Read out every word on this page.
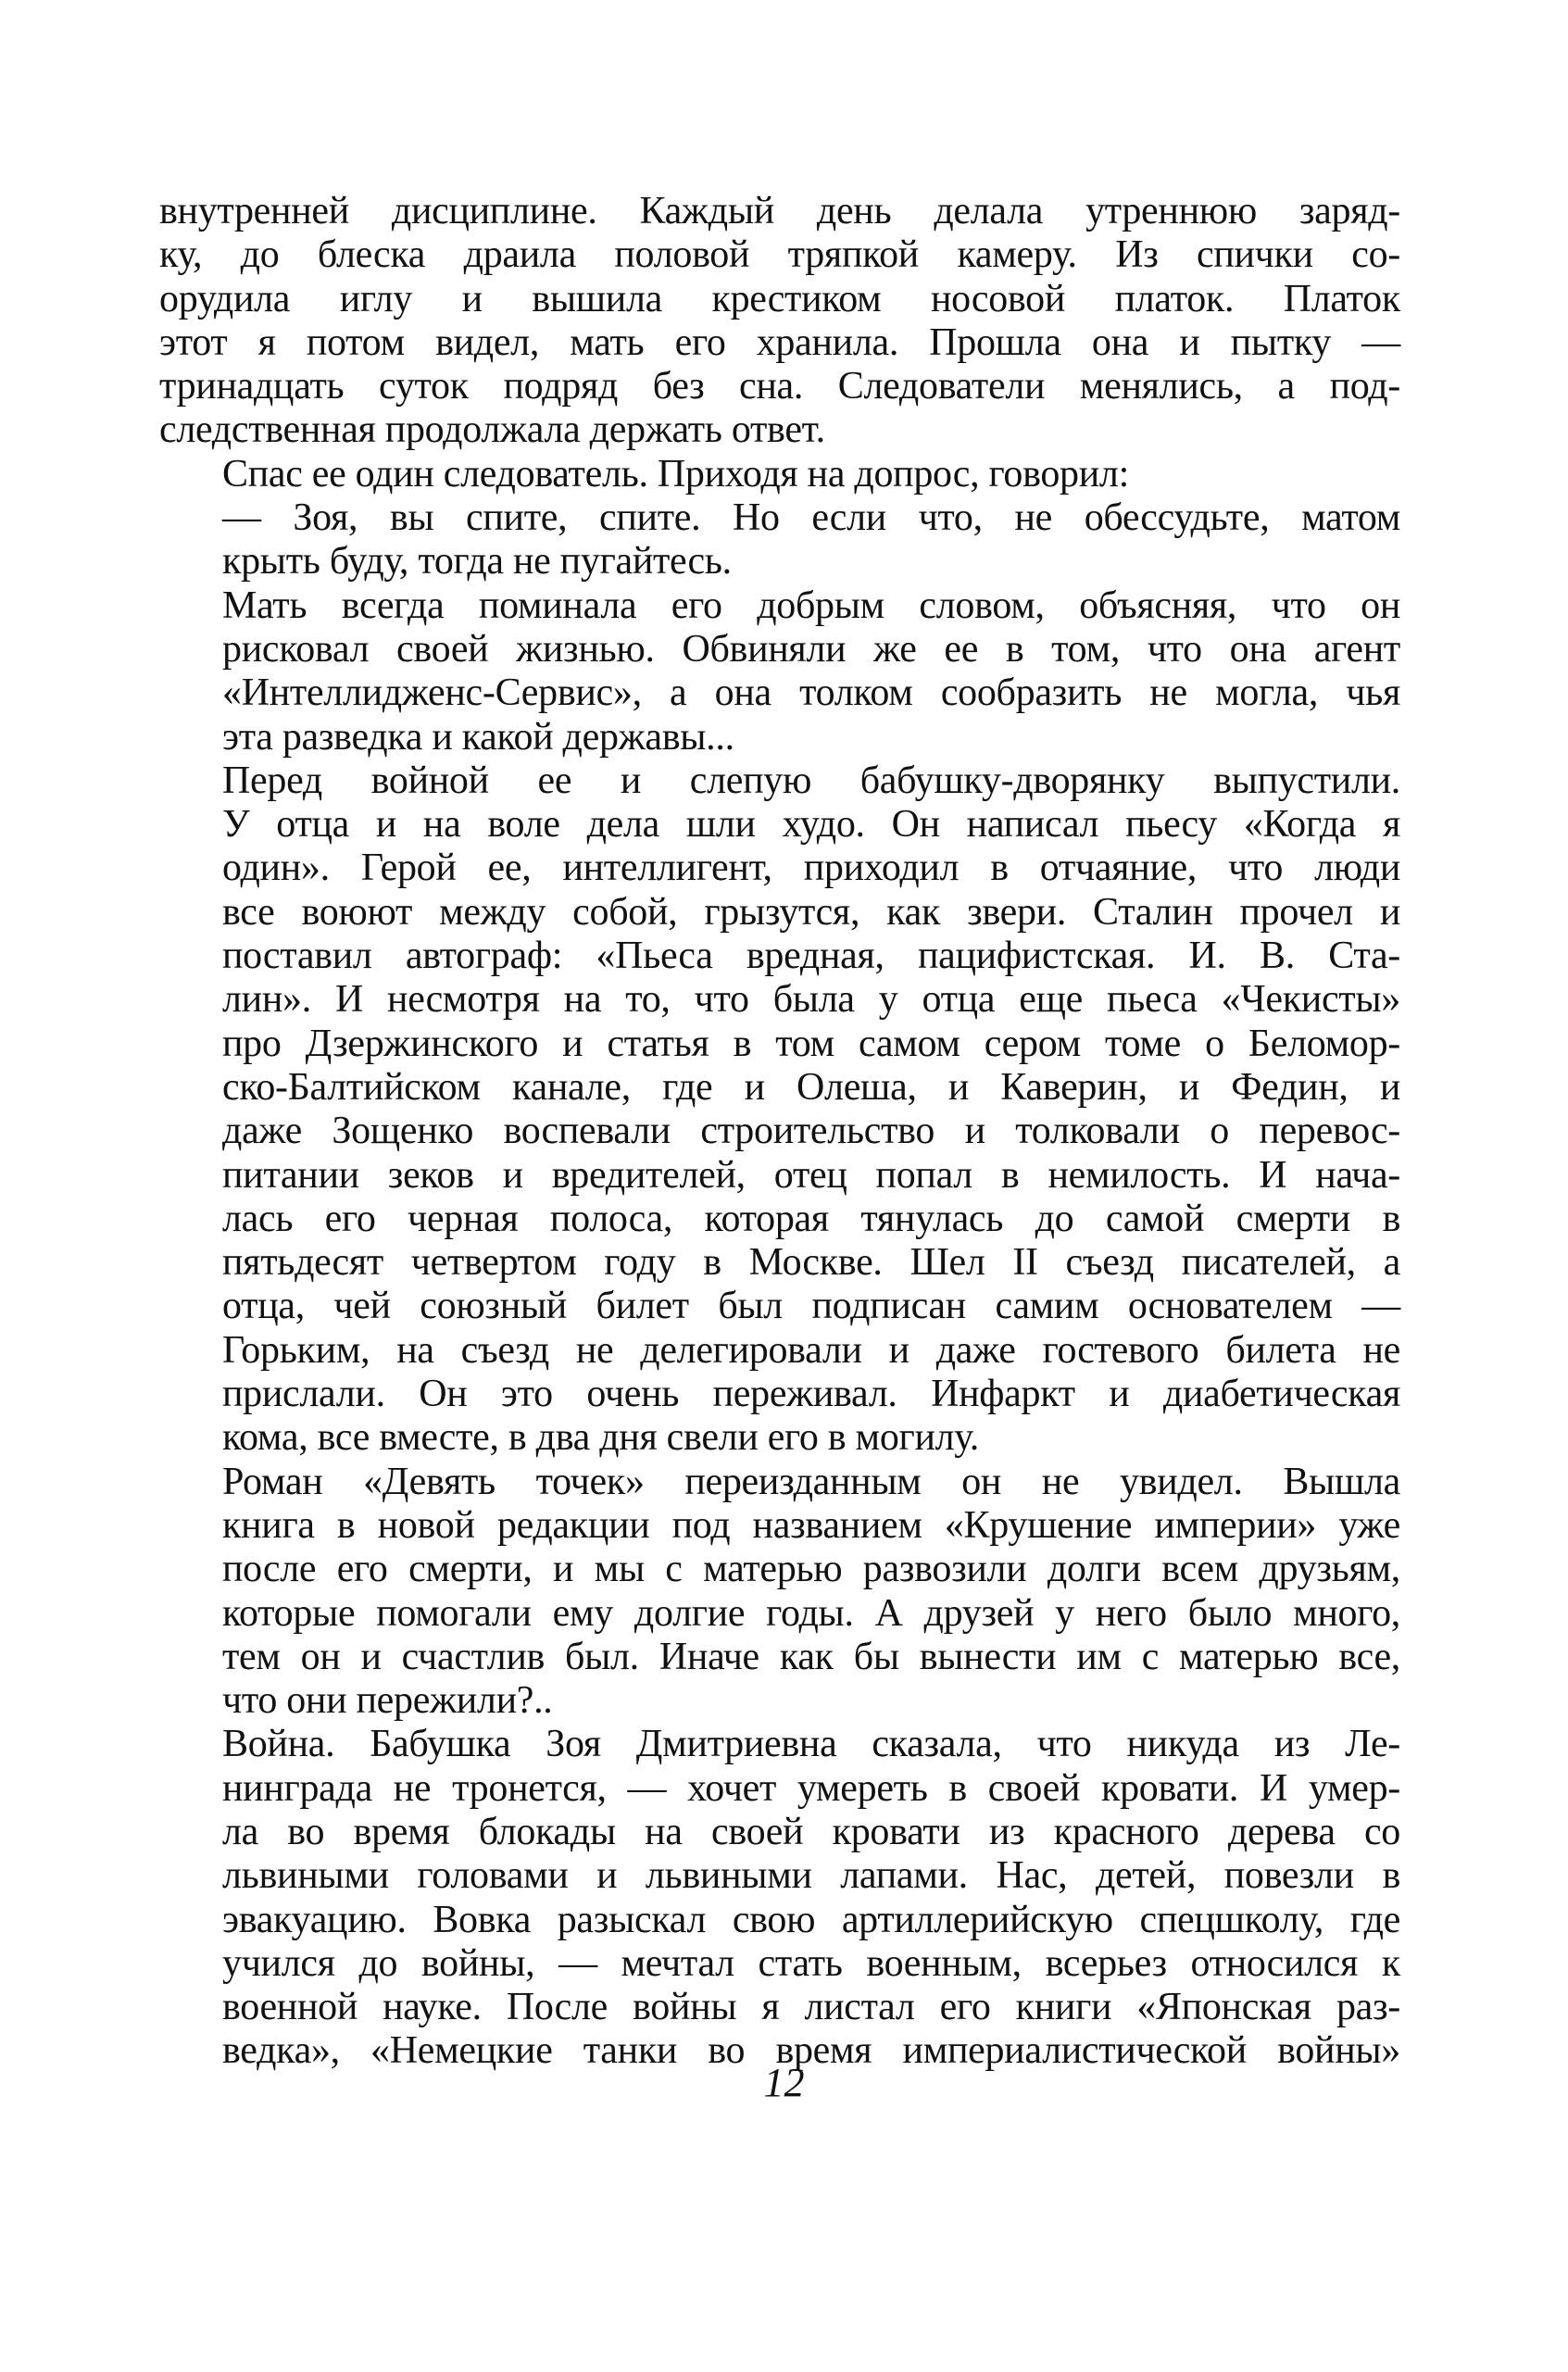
внутренней дисциплине. Каждый день делала утреннюю заряд-
ку, до блеска драила половой тряпкой камеру. Из спички со-
орудила иглу и вышила крестиком носовой платок. Платок
этот я потом видел, мать его хранила. Прошла она и пытку —
тринадцать суток подряд без сна. Следователи менялись, а под-
следственная продолжала держать ответ.

Спас ее один следователь. Приходя на допрос, говорил:

— Зоя, вы спите, спите. Но если что, не обессудьте, матом
крыть буду, тогда не пугайтесь.

Мать всегда поминала его добрым словом, объясняя, что он
рисковал своей жизнью. Обвиняли же ее в том, что она агент
«Интеллидженс-Сервис», а она толком сообразить не могла, чья
эта разведка и какой державы...

Перед войной ее и слепую бабушку-дворянку выпустили.
У отца и на воле дела шли худо. Он написал пьесу «Когда я
один». Герой ее, интеллигент, приходил в отчаяние, что люди
все воюют между собой, грызутся, как звери. Сталин прочел и
поставил автограф: «Пьеса вредная, пацифистская. И. В. Ста-
лин». И несмотря на то, что была у отца еще пьеса «Чекисты»
про Дзержинского и статья в том самом сером томе о Беломор-
ско-Балтийском канале, где и Олеша, и Каверин, и Федин, и
даже Зощенко воспевали строительство и толковали о перевос-
питании зеков и вредителей, отец попал в немилость. И нача-
лась его черная полоса, которая тянулась до самой смерти в
пятьдесят четвертом году в Москве. Шел II съезд писателей, а
отца, чей союзный билет был подписан самим основателем —
Горьким, на съезд не делегировали и даже гостевого билета не
прислали. Он это очень переживал. Инфаркт и диабетическая
кома, все вместе, в два дня свели его в могилу.

Роман «Девять точек» переизданным он не увидел. Вышла
книга в новой редакции под названием «Крушение империи» уже
после его смерти, и мы с матерью развозили долги всем друзьям,
которые помогали ему долгие годы. А друзей у него было много,
тем он и счастлив был. Иначе как бы вынести им с матерью все,
что они пережили?..

Война. Бабушка Зоя Дмитриевна сказала, что никуда из Ле-
нинграда не тронется, — хочет умереть в своей кровати. И умер-
ла во время блокады на своей кровати из красного дерева со
львиными головами и львиными лапами. Нас, детей, повезли в
эвакуацию. Вовка разыскал свою артиллерийскую спецшколу, где
учился до войны, — мечтал стать военным, всерьез относился к
военной науке. После войны я листал его книги «Японская раз-
ведка», «Немецкие танки во время империалистической войны»

12
